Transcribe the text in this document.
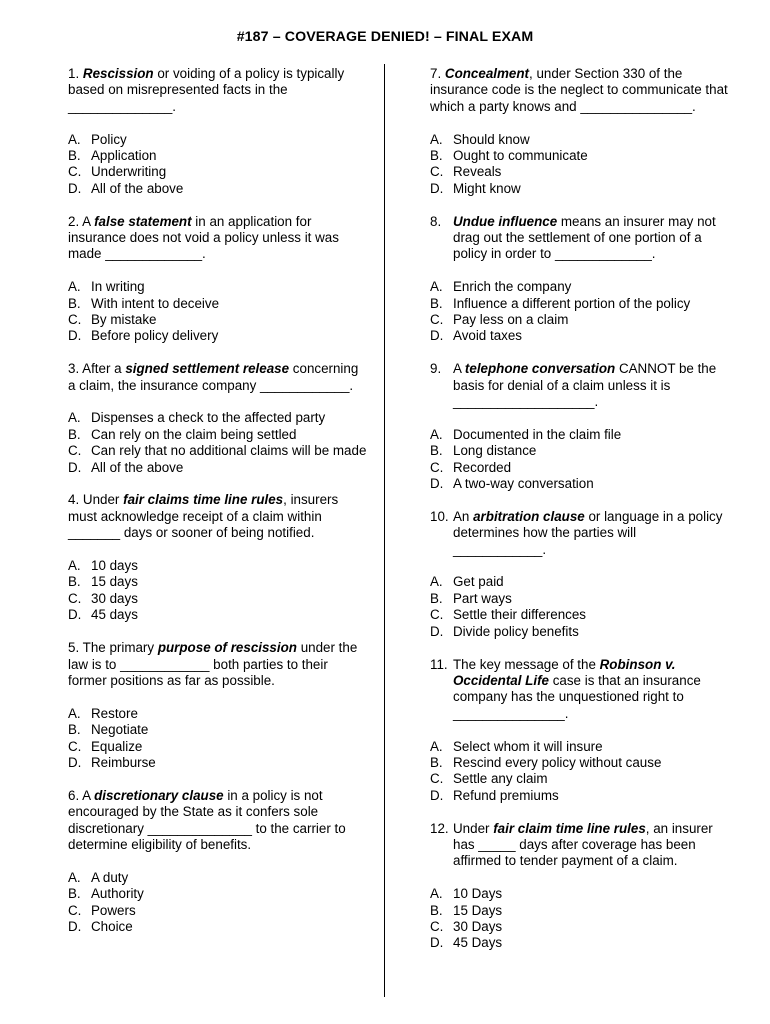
#187 – COVERAGE DENIED! – FINAL EXAM

1. Rescission or voiding of a policy is typically based on misrepresented facts in the ______________.

A. Policy
B. Application
C. Underwriting
D. All of the above

2. A false statement in an application for insurance does not void a policy unless it was made _____________.

A. In writing
B. With intent to deceive
C. By mistake
D. Before policy delivery

3. After a signed settlement release concerning a claim, the insurance company ____________.

A. Dispenses a check to the affected party
B. Can rely on the claim being settled
C. Can rely that no additional claims will be made
D. All of the above

4. Under fair claims time line rules, insurers must acknowledge receipt of a claim within _______ days or sooner of being notified.

A. 10 days
B. 15 days
C. 30 days
D. 45 days

5. The primary purpose of rescission under the law is to ____________ both parties to their former positions as far as possible.

A. Restore
B. Negotiate
C. Equalize
D. Reimburse

6. A discretionary clause in a policy is not encouraged by the State as it confers sole discretionary ______________ to the carrier to determine eligibility of benefits.

A. A duty
B. Authority
C. Powers
D. Choice

7. Concealment, under Section 330 of the insurance code is the neglect to communicate that which a party knows and _______________.

A. Should know
B. Ought to communicate
C. Reveals
D. Might know

8. Undue influence means an insurer may not drag out the settlement of one portion of a policy in order to _____________.

A. Enrich the company
B. Influence a different portion of the policy
C. Pay less on a claim
D. Avoid taxes

9. A telephone conversation CANNOT be the basis for denial of a claim unless it is ___________________.

A. Documented in the claim file
B. Long distance
C. Recorded
D. A two-way conversation

10. An arbitration clause or language in a policy determines how the parties will ____________.

A. Get paid
B. Part ways
C. Settle their differences
D. Divide policy benefits

11. The key message of the Robinson v. Occidental Life case is that an insurance company has the unquestioned right to _______________.

A. Select whom it will insure
B. Rescind every policy without cause
C. Settle any claim
D. Refund premiums

12. Under fair claim time line rules, an insurer has _____ days after coverage has been affirmed to tender payment of a claim.

A. 10 Days
B. 15 Days
C. 30 Days
D. 45 Days
